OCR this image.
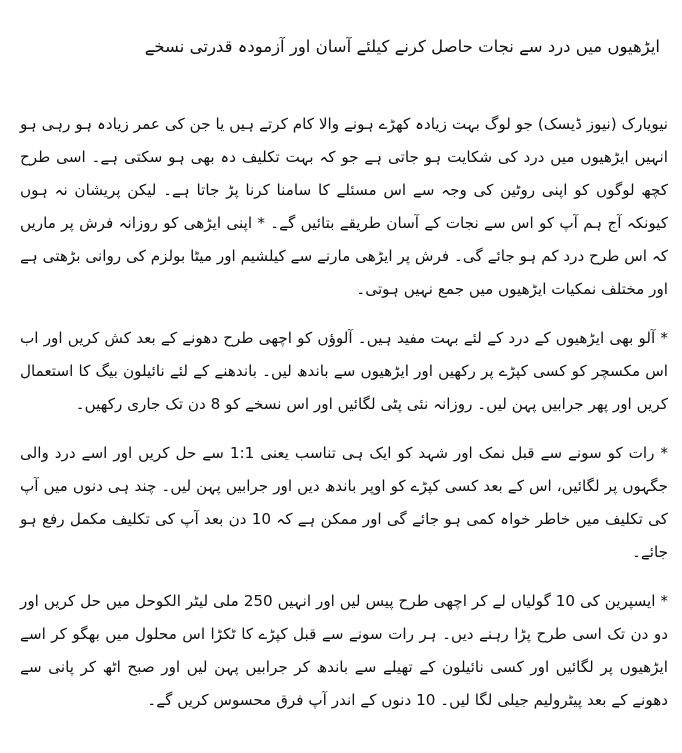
ایڑھیوں میں درد سے نجات حاصل کرنے کیلئے آسان اور آزمودہ قدرتی نسخے

نیویارک (نیوز ڈیسک) جو لوگ بہت زیادہ کھڑے ہونے والا کام کرتے ہیں یا جن کی عمر زیادہ ہو رہی ہو انہیں ایڑھیوں میں درد کی شکایت ہو جاتی ہے جو کہ بہت تکلیف دہ بھی ہو سکتی ہے۔ اسی طرح کچھ لوگوں کو اپنی روٹین کی وجہ سے اس مسئلے کا سامنا کرنا پڑ جاتا ہے۔ لیکن پریشان نہ ہوں کیونکہ آج ہم آپ کو اس سے نجات کے آسان طریقے بتائیں گے۔ * اپنی ایڑھی کو روزانہ فرش پر ماریں کہ اس طرح درد کم ہو جائے گی۔ فرش پر ایڑھی مارنے سے کیلشیم اور میٹا بولزم کی روانی بڑھتی ہے اور مختلف نمکیات ایڑھیوں میں جمع نہیں ہوتی۔

* آلو بھی ایڑھیوں کے درد کے لئے بہت مفید ہیں۔ آلوؤں کو اچھی طرح دھونے کے بعد کش کریں اور اب اس مکسچر کو کسی کپڑے پر رکھیں اور ایڑھیوں سے باندھ لیں۔ باندھنے کے لئے نائیلون بیگ کا استعمال کریں اور پھر جرابیں پہن لیں۔ روزانہ نئی پٹی لگائیں اور اس نسخے کو 8 دن تک جاری رکھیں۔

* رات کو سونے سے قبل نمک اور شہد کو ایک ہی تناسب یعنی 1:1 سے حل کریں اور اسے درد والی جگہوں پر لگائیں، اس کے بعد کسی کپڑے کو اوپر باندھ دیں اور جرابیں پہن لیں۔ چند ہی دنوں میں آپ کی تکلیف میں خاطر خواہ کمی ہو جائے گی اور ممکن ہے کہ 10 دن بعد آپ کی تکلیف مکمل رفع ہو جائے۔

* ایسپرین کی 10 گولیاں لے کر اچھی طرح پیس لیں اور انہیں 250 ملی لیٹر الکوحل میں حل کریں اور دو دن تک اسی طرح پڑا رہنے دیں۔ ہر رات سونے سے قبل کپڑے کا ٹکڑا اس محلول میں بھگو کر اسے ایڑھیوں پر لگائیں اور کسی نائیلون کے تھیلے سے باندھ کر جرابیں پہن لیں اور صبح اٹھ کر پانی سے دھونے کے بعد پیٹرولیم جیلی لگا لیں۔ 10 دنوں کے اندر آپ فرق محسوس کریں گے۔
